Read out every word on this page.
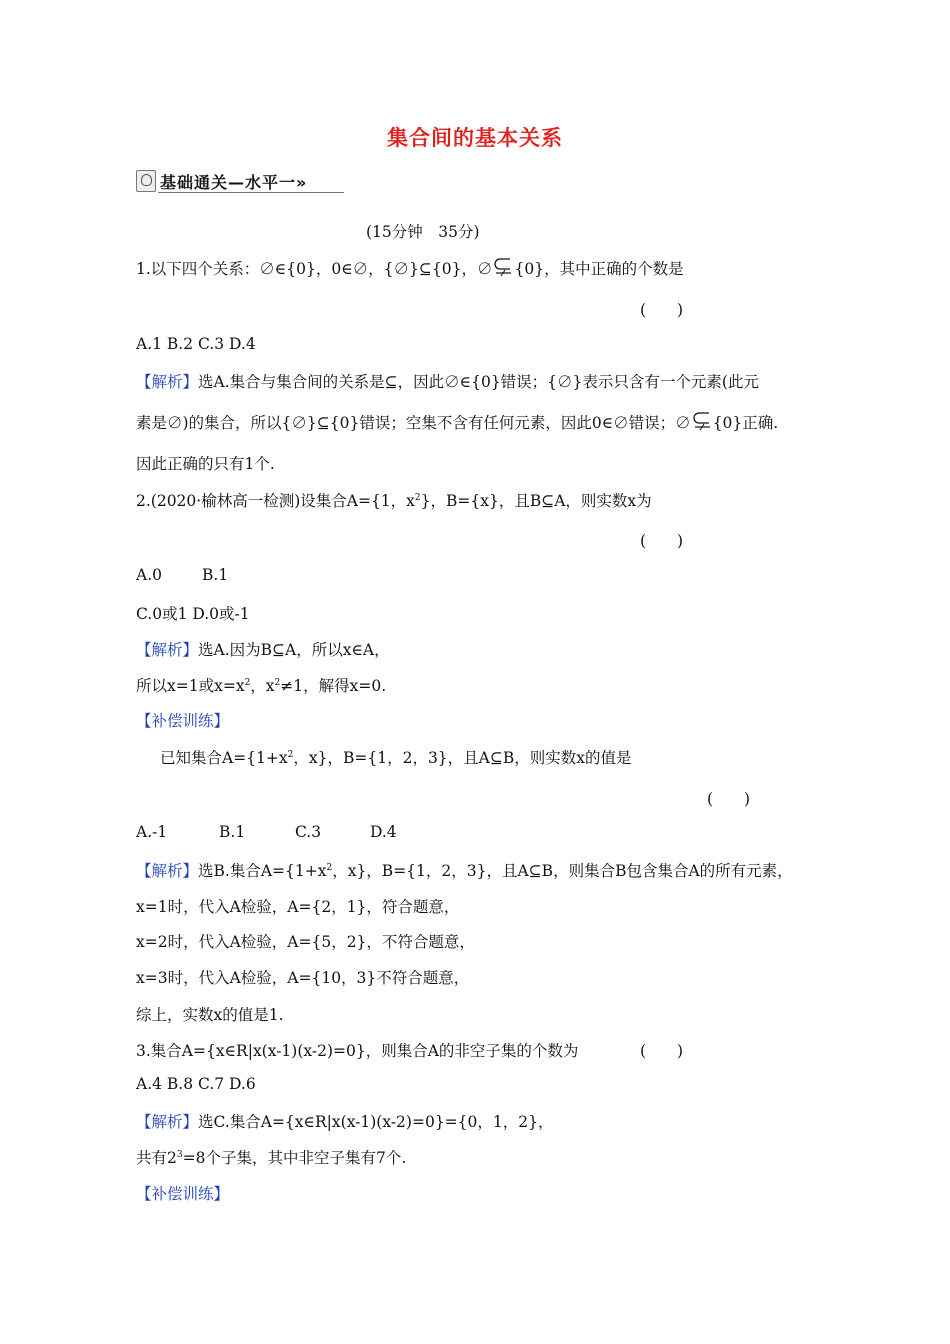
集合间的基本关系
基础通关—水平一»
(15分钟　35分)
1.以下四个关系：∅∈{0}，0∈∅，{∅}⊆{0}，∅ {0}，其中正确的个数是
(　　)
A.1 B.2 C.3 D.4
【解析】选A.集合与集合间的关系是⊆，因此∅∈{0}错误；{∅}表示只含有一个元素(此元
素是∅)的集合，所以{∅}⊆{0}错误；空集不含有任何元素，因此0∈∅错误；∅ {0}正确.
因此正确的只有1个.
2.(2020·榆林高一检测)设集合A={1，$x^2$}，B={x}，且B⊆A，则实数x为
(　　)
A.0	B.1
C.0或1 D.0或-1
【解析】选A.因为B⊆A，所以x∈A，
所以x=1或$x=x^2$，$x^2\ne 1$，解得x=0.
【补偿训练】
已知集合$A=\{1+x^2$，x}，B={1，2，3}，且A⊆B，则实数x的值是
(　　)
A.-1	B.1	C.3	D.4
【解析】选B.集合$A=\{1+x^2$，x}，B={1，2，3}，且A⊆B，则集合B包含集合A的所有元素，
x=1时，代入A检验，A={2，1}，符合题意，
x=2时，代入A检验，A={5，2}，不符合题意，
x=3时，代入A检验，A={10，3}不符合题意，
综上，实数x的值是1.
3.集合A={x∈R|x(x-1)(x-2)=0}，则集合A的非空子集的个数为	(　　)
A.4 B.8 C.7 D.6
【解析】选C.集合A={x∈R|x(x-1)(x-2)=0}={0，1，2}，
共有$2^3=8$个子集，其中非空子集有7个.
【补偿训练】
